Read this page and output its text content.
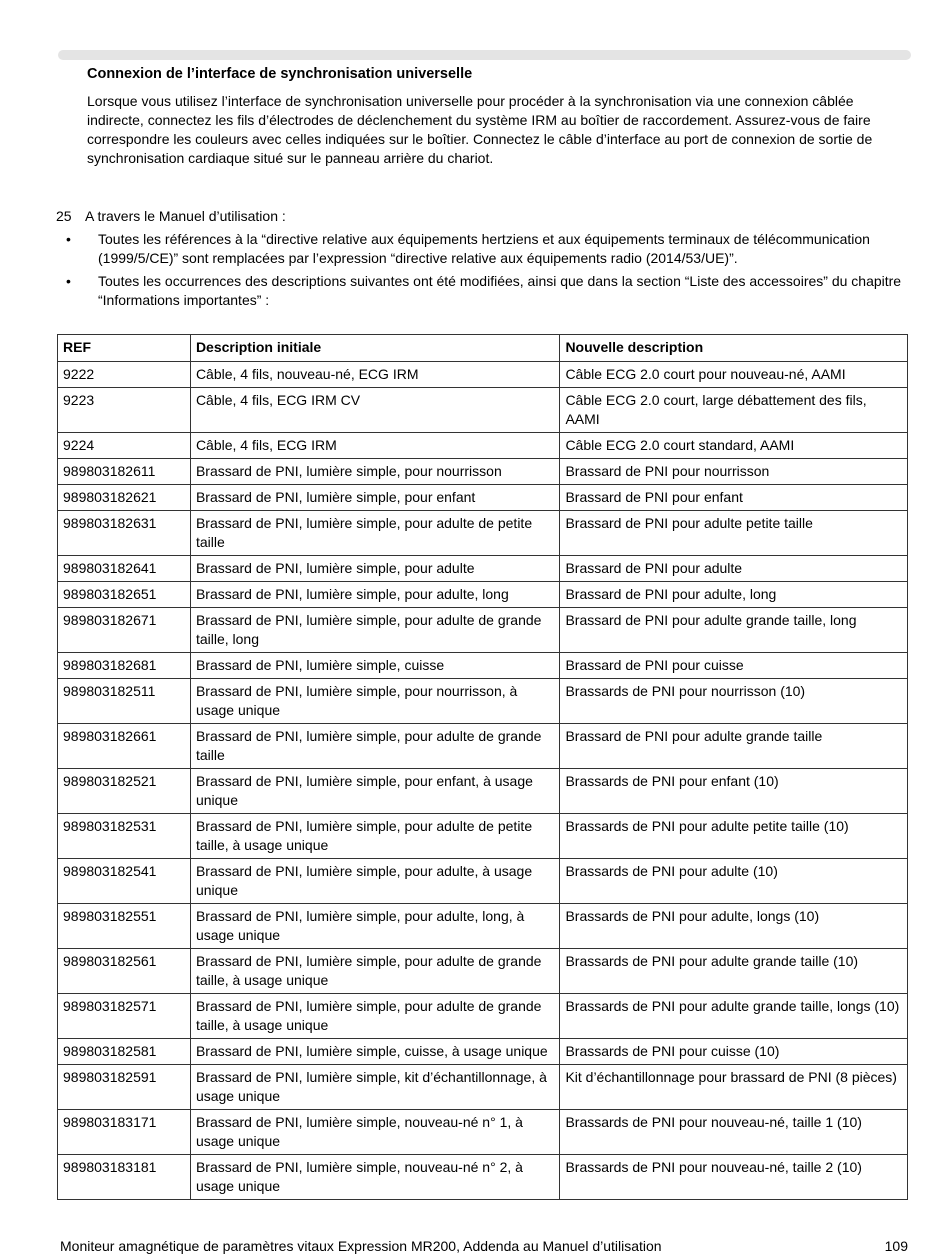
Connexion de l’interface de synchronisation universelle

Lorsque vous utilisez l’interface de synchronisation universelle pour procéder à la synchronisation via une connexion câblée indirecte, connectez les fils d’électrodes de déclenchement du système IRM au boîtier de raccordement. Assurez-vous de faire correspondre les couleurs avec celles indiquées sur le boîtier. Connectez le câble d’interface au port de connexion de sortie de synchronisation cardiaque situé sur le panneau arrière du chariot.

25 A travers le Manuel d’utilisation :
• Toutes les références à la “directive relative aux équipements hertziens et aux équipements terminaux de télécommunication (1999/5/CE)” sont remplacées par l’expression “directive relative aux équipements radio (2014/53/UE)”.
• Toutes les occurrences des descriptions suivantes ont été modifiées, ainsi que dans la section “Liste des accessoires” du chapitre “Informations importantes” :
REF	Description initiale	Nouvelle description
9222	Câble, 4 fils, nouveau-né, ECG IRM	Câble ECG 2.0 court pour nouveau-né, AAMI
9223	Câble, 4 fils, ECG IRM CV	Câble ECG 2.0 court, large débattement des fils, AAMI
9224	Câble, 4 fils, ECG IRM	Câble ECG 2.0 court standard, AAMI
989803182611	Brassard de PNI, lumière simple, pour nourrisson	Brassard de PNI pour nourrisson
989803182621	Brassard de PNI, lumière simple, pour enfant	Brassard de PNI pour enfant
989803182631	Brassard de PNI, lumière simple, pour adulte de petite taille	Brassard de PNI pour adulte petite taille
989803182641	Brassard de PNI, lumière simple, pour adulte	Brassard de PNI pour adulte
989803182651	Brassard de PNI, lumière simple, pour adulte, long	Brassard de PNI pour adulte, long
989803182671	Brassard de PNI, lumière simple, pour adulte de grande taille, long	Brassard de PNI pour adulte grande taille, long
989803182681	Brassard de PNI, lumière simple, cuisse	Brassard de PNI pour cuisse
989803182511	Brassard de PNI, lumière simple, pour nourrisson, à usage unique	Brassards de PNI pour nourrisson (10)
989803182661	Brassard de PNI, lumière simple, pour adulte de grande taille	Brassard de PNI pour adulte grande taille
989803182521	Brassard de PNI, lumière simple, pour enfant, à usage unique	Brassards de PNI pour enfant (10)
989803182531	Brassard de PNI, lumière simple, pour adulte de petite taille, à usage unique	Brassards de PNI pour adulte petite taille (10)
989803182541	Brassard de PNI, lumière simple, pour adulte, à usage unique	Brassards de PNI pour adulte (10)
989803182551	Brassard de PNI, lumière simple, pour adulte, long, à usage unique	Brassards de PNI pour adulte, longs (10)
989803182561	Brassard de PNI, lumière simple, pour adulte de grande taille, à usage unique	Brassards de PNI pour adulte grande taille (10)
989803182571	Brassard de PNI, lumière simple, pour adulte de grande taille, à usage unique	Brassards de PNI pour adulte grande taille, longs (10)
989803182581	Brassard de PNI, lumière simple, cuisse, à usage unique	Brassards de PNI pour cuisse (10)
989803182591	Brassard de PNI, lumière simple, kit d’échantillonnage, à usage unique	Kit d’échantillonnage pour brassard de PNI (8 pièces)
989803183171	Brassard de PNI, lumière simple, nouveau-né n° 1, à usage unique	Brassards de PNI pour nouveau-né, taille 1 (10)
989803183181	Brassard de PNI, lumière simple, nouveau-né n° 2, à usage unique	Brassards de PNI pour nouveau-né, taille 2 (10)
Moniteur amagnétique de paramètres vitaux Expression MR200, Addenda au Manuel d’utilisation	109
